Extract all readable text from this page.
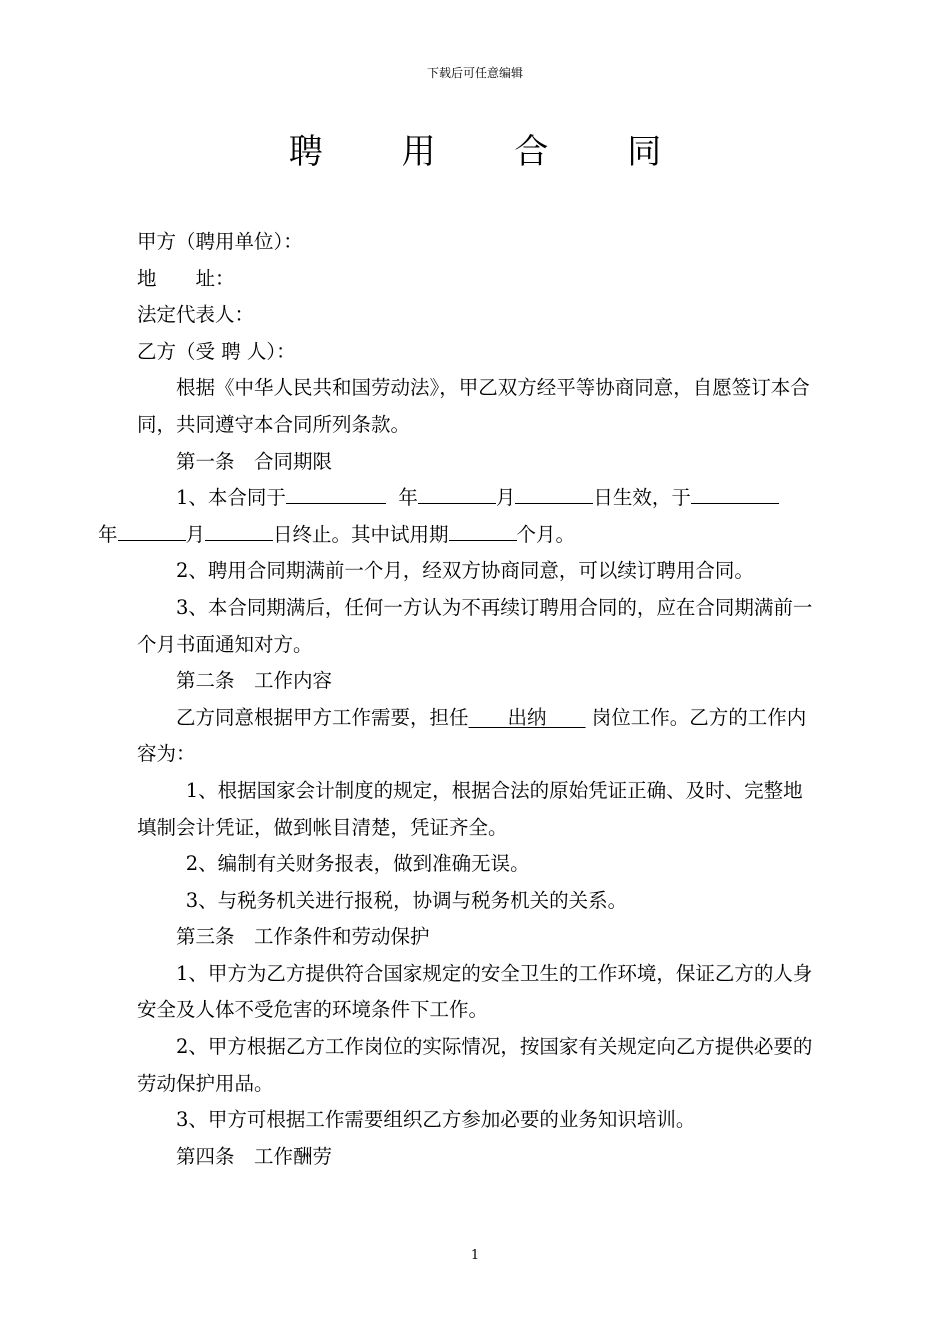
下载后可任意编辑
聘 用 合 同

甲方（聘用单位）：

地　　址：

法定代表人：

乙方（受 聘 人）：

根据《中华人民共和国劳动法》，甲乙双方经平等协商同意，自愿签订本合同，共同遵守本合同所列条款。

第一条　合同期限

1、本合同于	年	月	日生效，于
年	月	日终止。其中试用期	个月。

2、聘用合同期满前一个月，经双方协商同意，可以续订聘用合同。

3、本合同期满后，任何一方认为不再续订聘用合同的，应在合同期满前一个月书面通知对方。

第二条　工作内容

乙方同意根据甲方工作需要，担任　　出纳　　 岗位工作。乙方的工作内容为：

1、根据国家会计制度的规定，根据合法的原始凭证正确、及时、完整地填制会计凭证，做到帐目清楚，凭证齐全。

2、编制有关财务报表，做到准确无误。

3、与税务机关进行报税，协调与税务机关的关系。

第三条　工作条件和劳动保护

1、甲方为乙方提供符合国家规定的安全卫生的工作环境，保证乙方的人身安全及人体不受危害的环境条件下工作。

2、甲方根据乙方工作岗位的实际情况，按国家有关规定向乙方提供必要的劳动保护用品。

3、甲方可根据工作需要组织乙方参加必要的业务知识培训。

第四条　工作酬劳

1
